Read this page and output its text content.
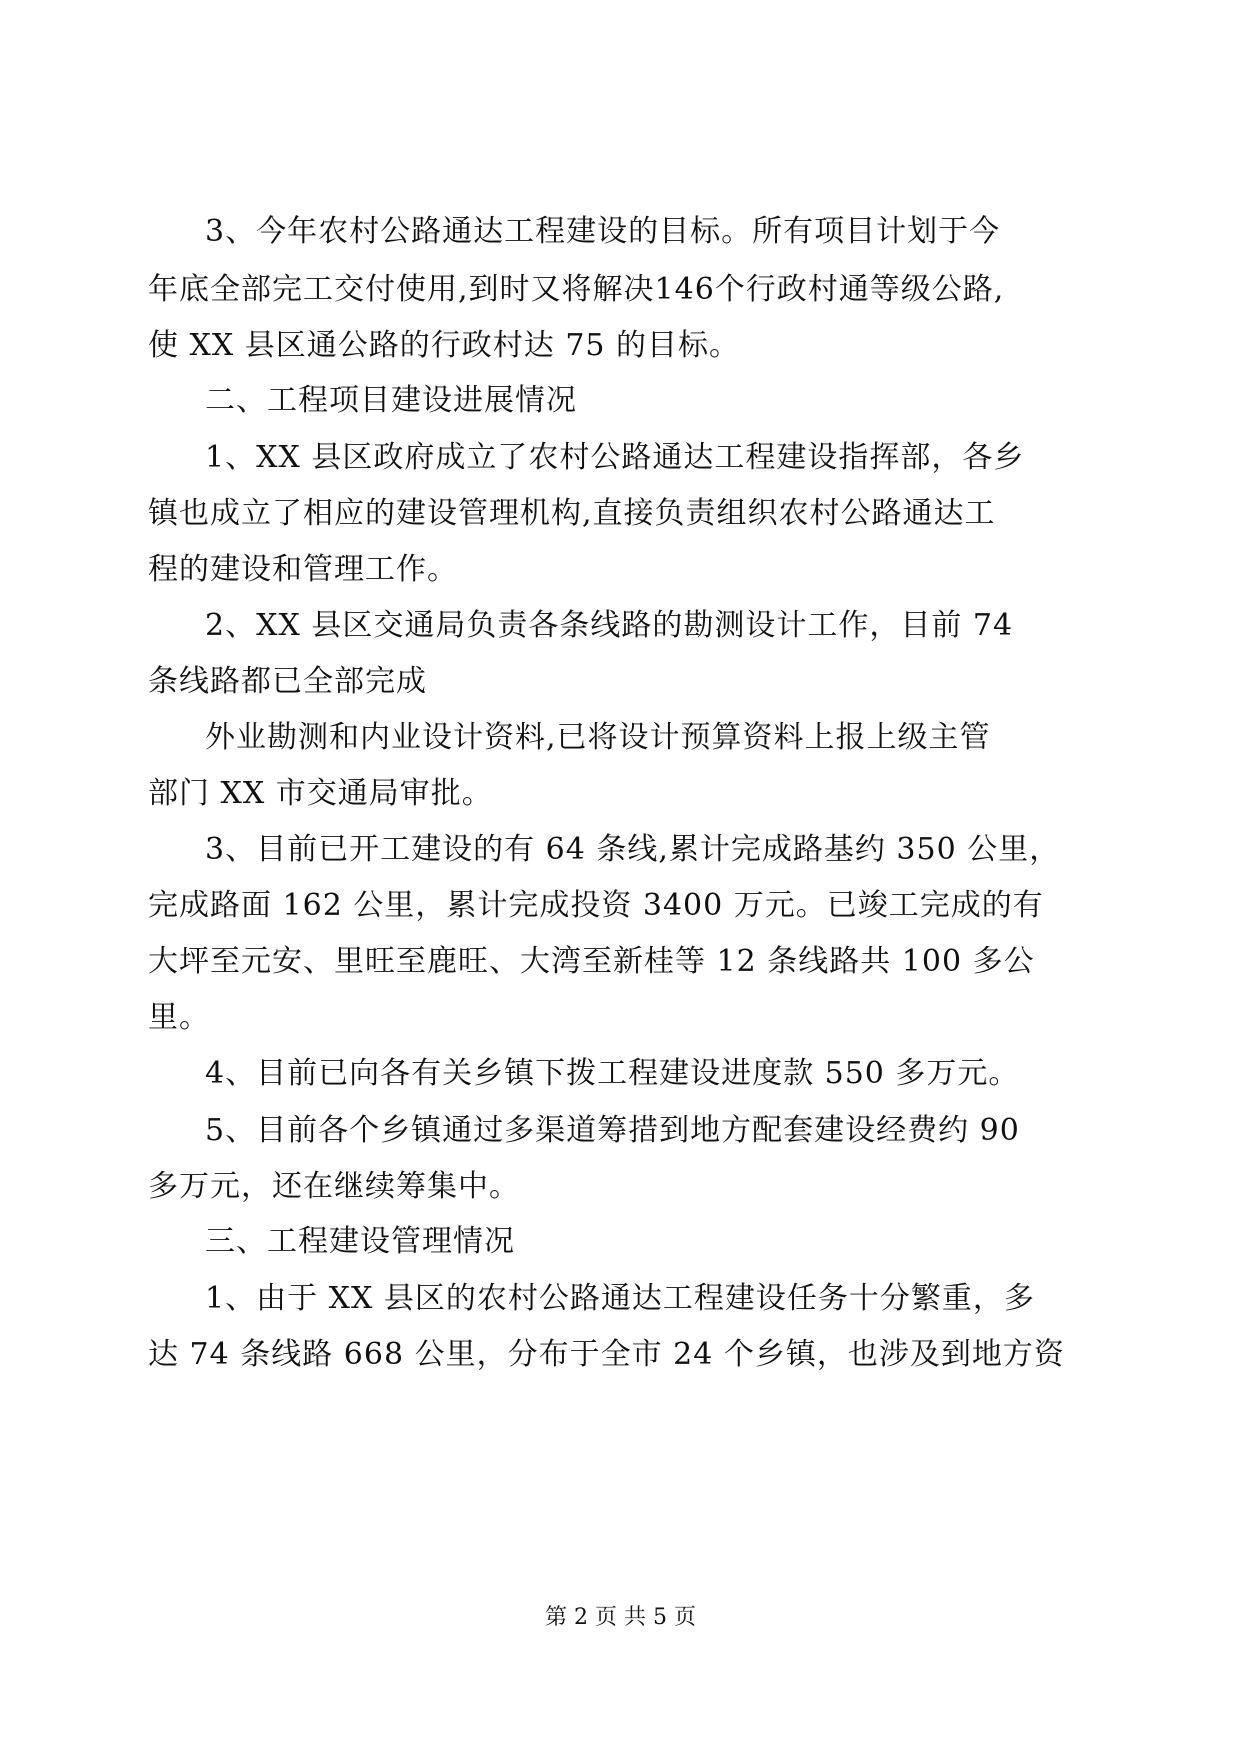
3、今年农村公路通达工程建设的目标。所有项目计划于今
年底全部完工交付使用,到时又将解决146个行政村通等级公路,
使 XX 县区通公路的行政村达 75 的目标。
二、工程项目建设进展情况
1、XX 县区政府成立了农村公路通达工程建设指挥部，各乡
镇也成立了相应的建设管理机构,直接负责组织农村公路通达工
程的建设和管理工作。
2、XX 县区交通局负责各条线路的勘测设计工作，目前 74
条线路都已全部完成
外业勘测和内业设计资料,已将设计预算资料上报上级主管
部门 XX 市交通局审批。
3、目前已开工建设的有 64 条线,累计完成路基约 350 公里，
完成路面 162 公里，累计完成投资 3400 万元。已竣工完成的有
大坪至元安、里旺至鹿旺、大湾至新桂等 12 条线路共 100 多公
里。
4、目前已向各有关乡镇下拨工程建设进度款 550 多万元。
5、目前各个乡镇通过多渠道筹措到地方配套建设经费约 90
多万元，还在继续筹集中。
三、工程建设管理情况
1、由于 XX 县区的农村公路通达工程建设任务十分繁重，多
达 74 条线路 668 公里，分布于全市 24 个乡镇，也涉及到地方资
第 2 页 共 5 页
